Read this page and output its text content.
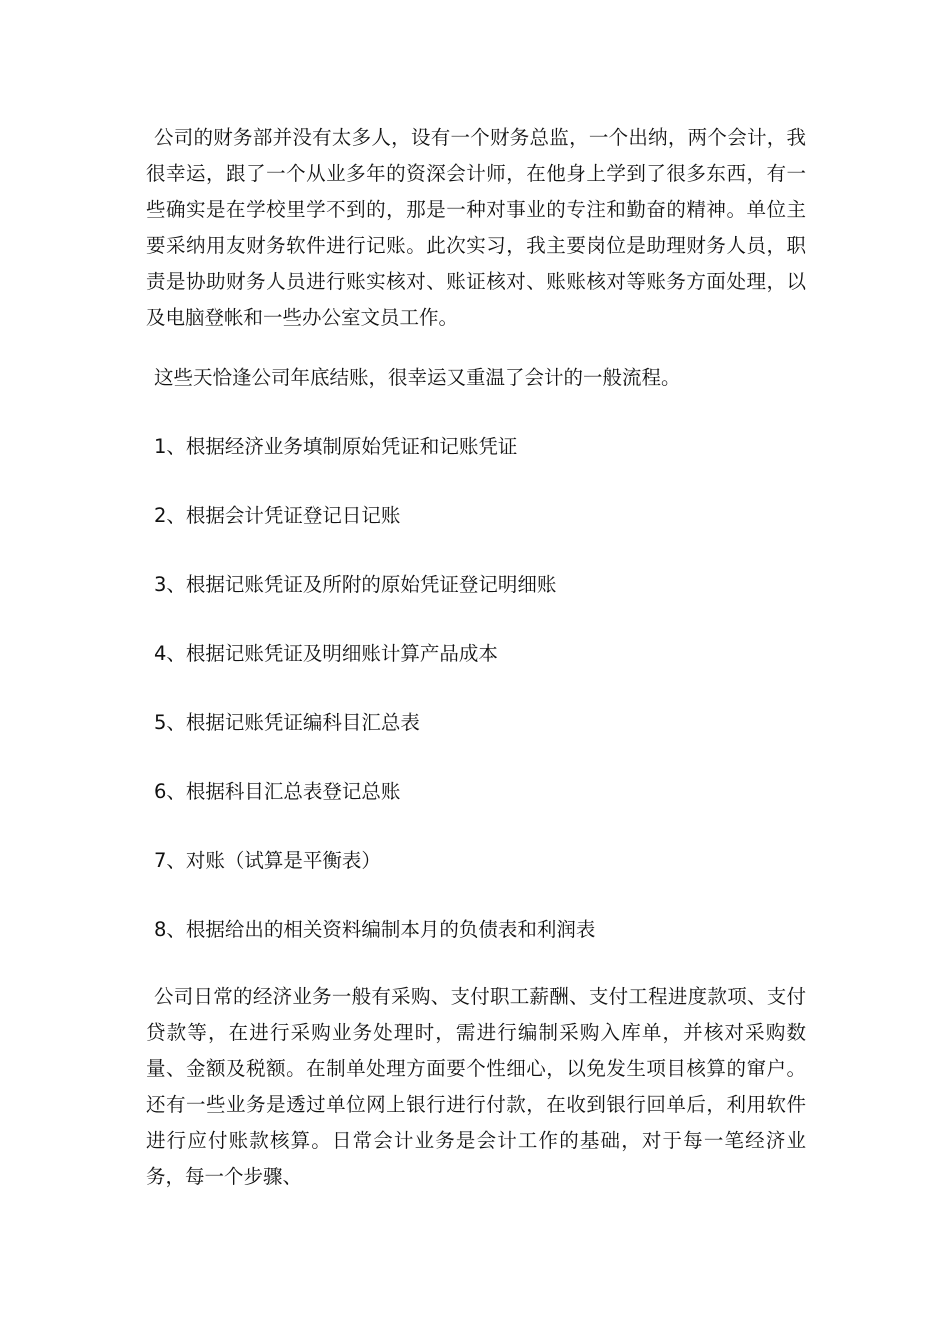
公司的财务部并没有太多人，设有一个财务总监，一个出纳，两个会计，我很幸运，跟了一个从业多年的资深会计师，在他身上学到了很多东西，有一些确实是在学校里学不到的，那是一种对事业的专注和勤奋的精神。单位主要采纳用友财务软件进行记账。此次实习，我主要岗位是助理财务人员，职责是协助财务人员进行账实核对、账证核对、账账核对等账务方面处理，以及电脑登帐和一些办公室文员工作。

这些天恰逢公司年底结账，很幸运又重温了会计的一般流程。

1、根据经济业务填制原始凭证和记账凭证
2、根据会计凭证登记日记账
3、根据记账凭证及所附的原始凭证登记明细账
4、根据记账凭证及明细账计算产品成本
5、根据记账凭证编科目汇总表
6、根据科目汇总表登记总账
7、对账（试算是平衡表）
8、根据给出的相关资料编制本月的负债表和利润表

公司日常的经济业务一般有采购、支付职工薪酬、支付工程进度款项、支付贷款等，在进行采购业务处理时，需进行编制采购入库单，并核对采购数量、金额及税额。在制单处理方面要个性细心，以免发生项目核算的窜户。还有一些业务是透过单位网上银行进行付款，在收到银行回单后，利用软件进行应付账款核算。日常会计业务是会计工作的基础，对于每一笔经济业务，每一个步骤、
